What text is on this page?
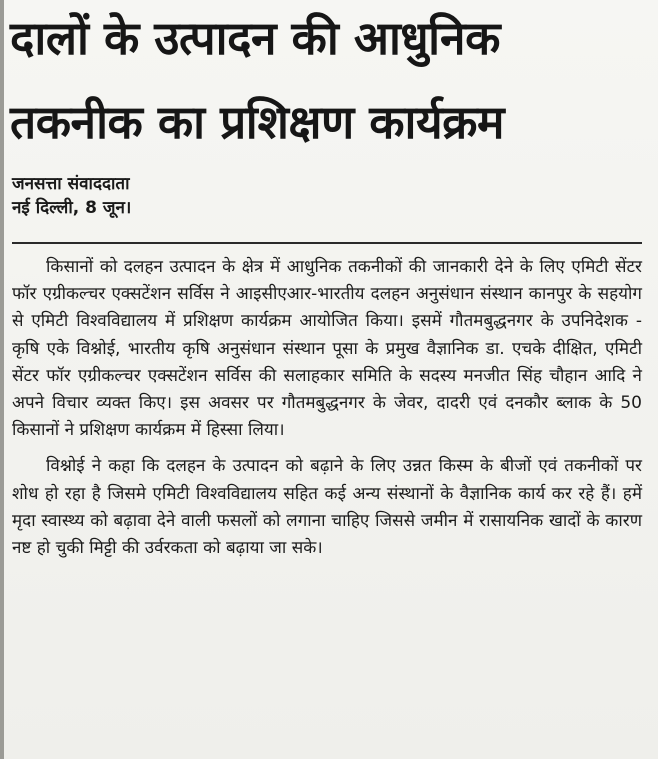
दालों के उत्पादन की आधुनिक
तकनीक का प्रशिक्षण कार्यक्रम
जनसत्ता संवाददाता
नई दिल्ली, 8 जून।

किसानों को दलहन उत्पादन के क्षेत्र में आधुनिक तकनीकों की जानकारी देने के लिए एमिटी सेंटर फॉर एग्रीकल्चर एक्सटेंशन सर्विस ने आइसीएआर-भारतीय दलहन अनुसंधान संस्थान कानपुर के सहयोग से एमिटी विश्वविद्यालय में प्रशिक्षण कार्यक्रम आयोजित किया। इसमें गौतमबुद्धनगर के उपनिदेशक - कृषि एके विश्नोई, भारतीय कृषि अनुसंधान संस्थान पूसा के प्रमुख वैज्ञानिक डा. एचके दीक्षित, एमिटी सेंटर फॉर एग्रीकल्चर एक्सटेंशन सर्विस की सलाहकार समिति के सदस्य मनजीत सिंह चौहान आदि ने अपने विचार व्यक्त किए। इस अवसर पर गौतमबुद्धनगर के जेवर, दादरी एवं दनकौर ब्लाक के 50 किसानों ने प्रशिक्षण कार्यक्रम में हिस्सा लिया।

विश्नोई ने कहा कि दलहन के उत्पादन को बढ़ाने के लिए उन्नत किस्म के बीजों एवं तकनीकों पर शोध हो रहा है जिसमे एमिटी विश्वविद्यालय सहित कई अन्य संस्थानों के वैज्ञानिक कार्य कर रहे हैं। हमें मृदा स्वास्थ्य को बढ़ावा देने वाली फसलों को लगाना चाहिए जिससे जमीन में रासायनिक खादों के कारण नष्ट हो चुकी मिट्टी की उर्वरकता को बढ़ाया जा सके।
